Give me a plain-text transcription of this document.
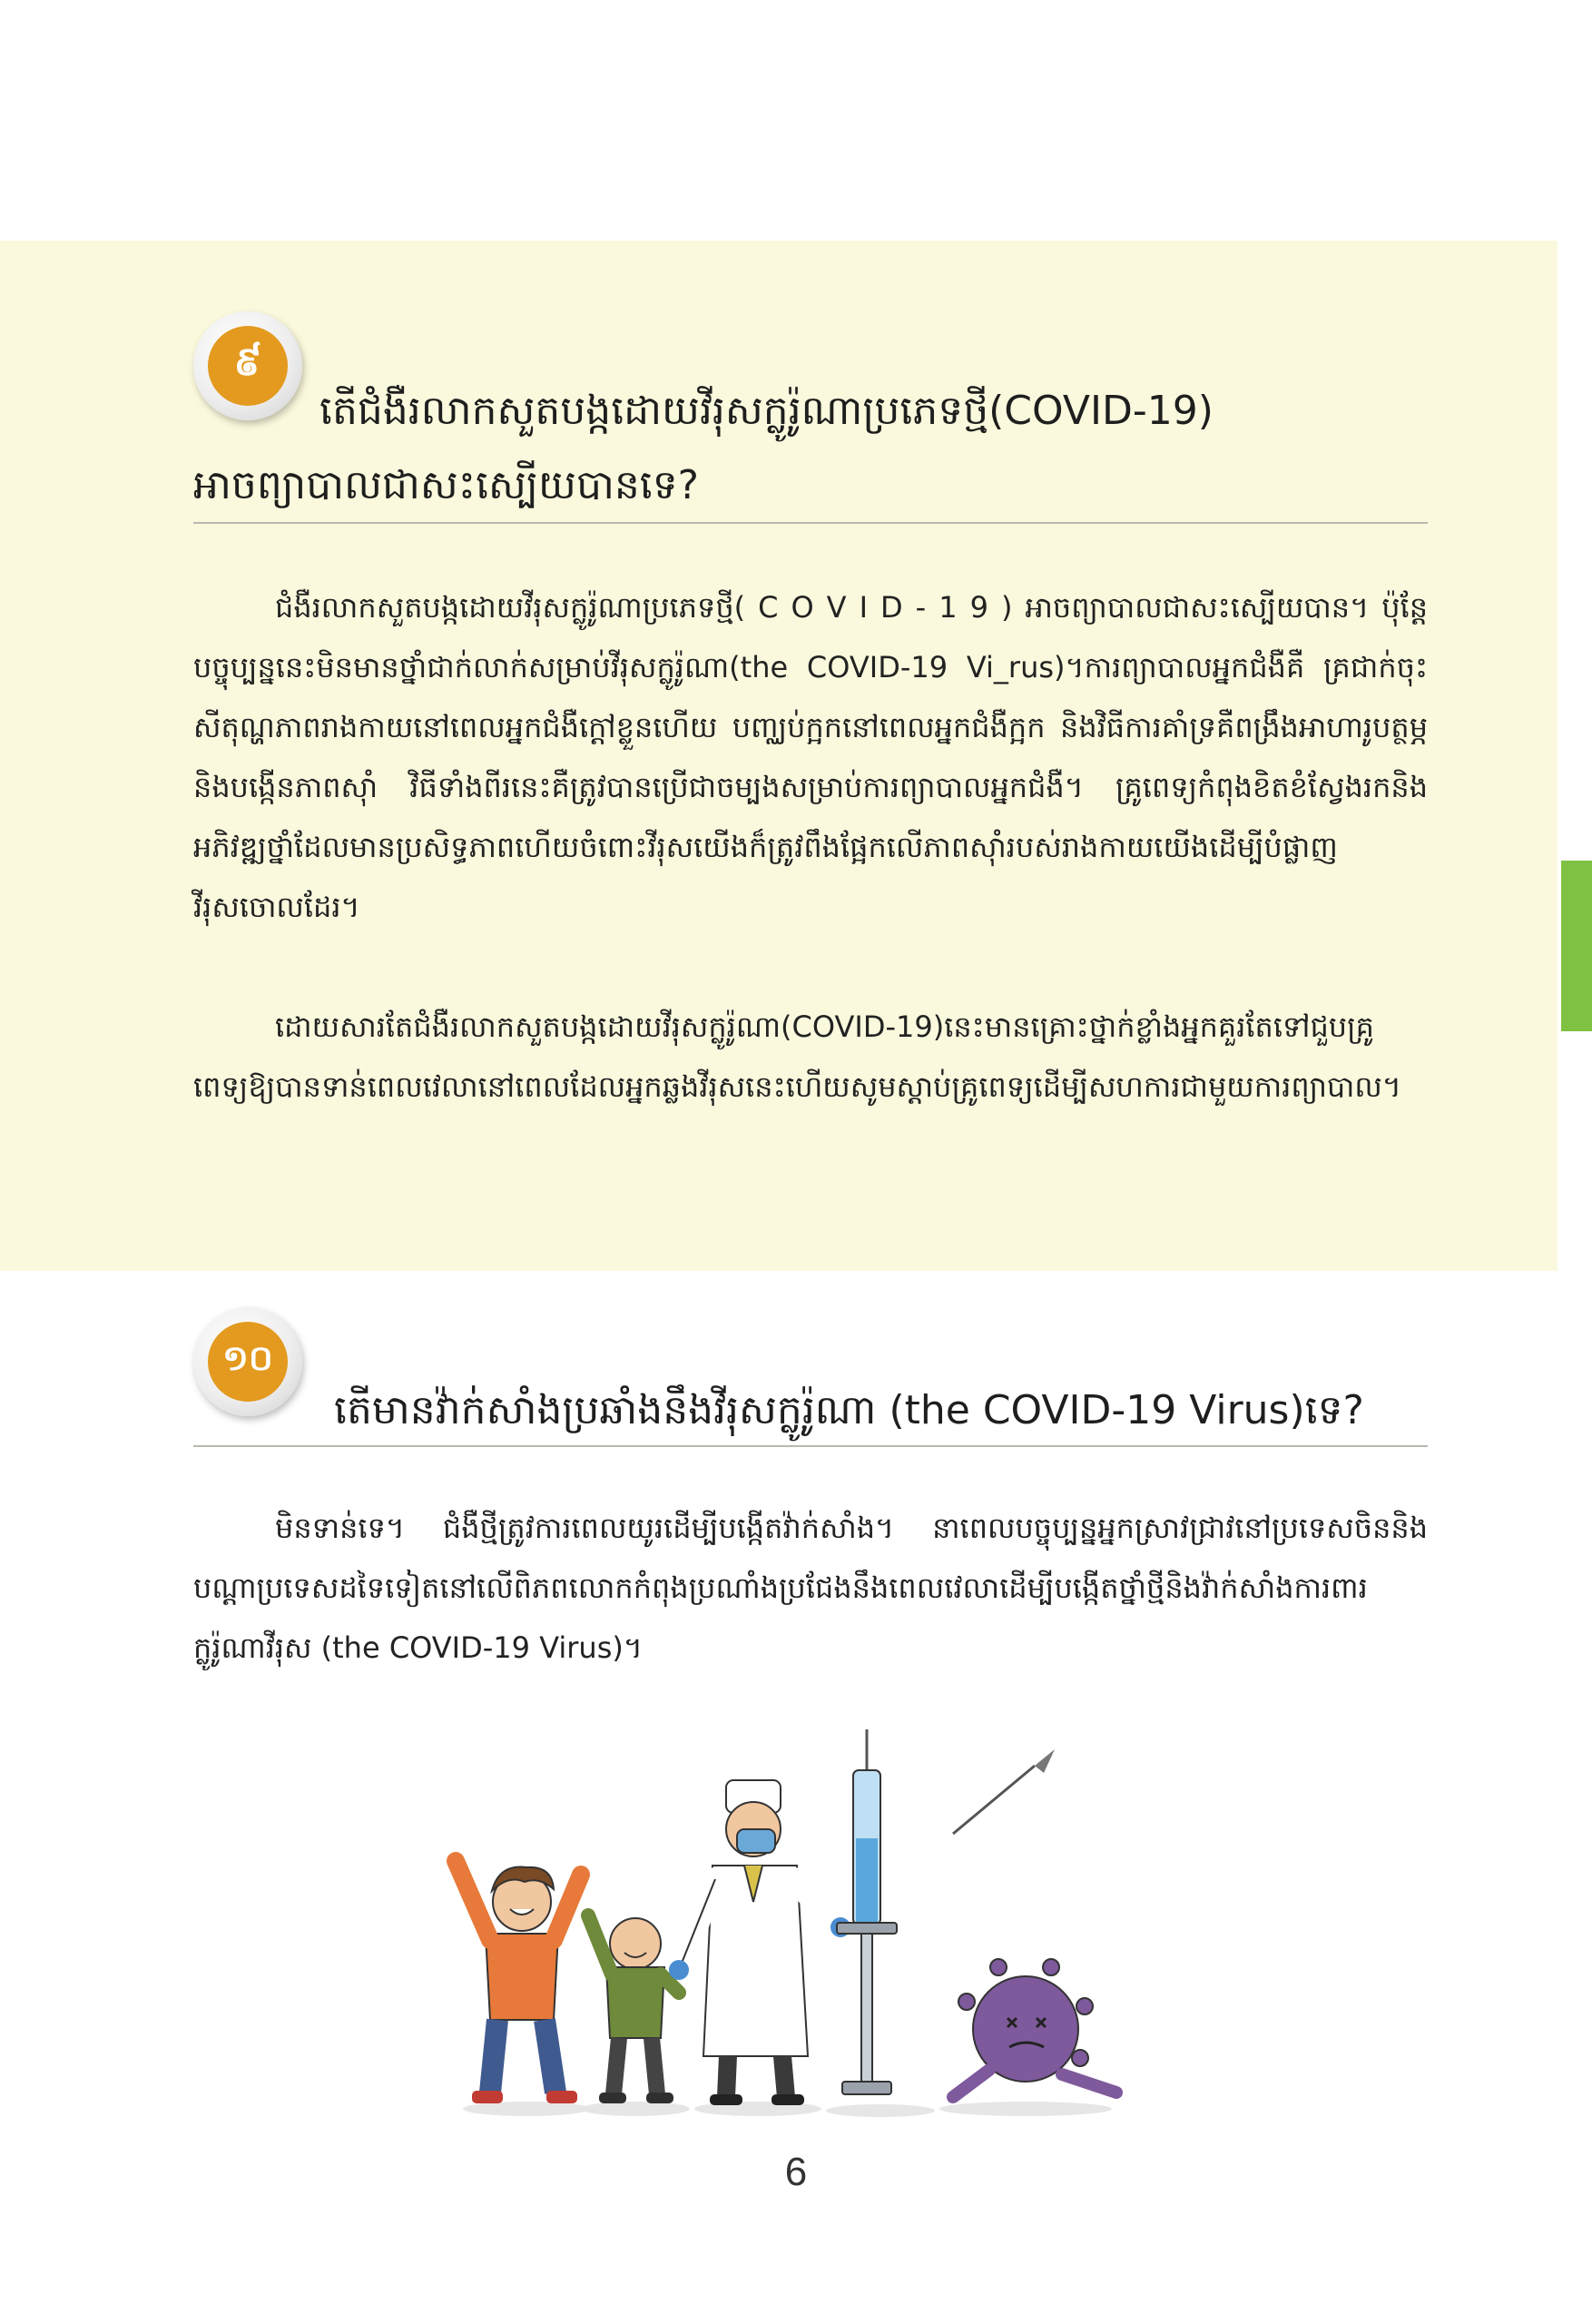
៩
តើជំងឺរលាកសួតបង្កដោយវីរុសក្លូរ៉ូណាប្រភេទថ្មី(COVID-19)
អាចព្យាបាលជាសះស្បើយបានទេ?

ជំងឺរលាកសួតបង្កដោយវីរុសក្លូរ៉ូណាប្រភេទថ្មី( C O V I D - 1 9 ) អាចព្យាបាលជាសះស្បើយបាន។ ប៉ុន្តែបច្ចុប្បន្ននេះមិនមានថ្នាំជាក់លាក់សម្រាប់វីរុសក្លូរ៉ូណា(the COVID-19 Vi_rus)។ការព្យាបាលអ្នកជំងឺគឺ គ្រជាក់ចុះសីតុណ្ហភាពរាងកាយនៅពេលអ្នកជំងឺក្ដៅខ្លួនហើយ បញ្ឈប់ក្អកនៅពេលអ្នកជំងឺក្អក និងវិធីការគាំទ្រគឺពង្រឹងអាហារូបត្ថម្ភនិងបង្កើនភាពស៊ាំ វិធីទាំងពីរនេះគឺត្រូវបានប្រើជាចម្បងសម្រាប់ការព្យាបាលអ្នកជំងឺ។ គ្រូពេទ្យកំពុងខិតខំស្វែងរកនិងអភិវឌ្ឍថ្នាំដែលមានប្រសិទ្ធភាពហើយចំពោះវីរុសយើងក៏ត្រូវពឹងផ្អែកលើភាពស៊ាំរបស់រាងកាយយើងដើម្បីបំផ្លាញវីរុសចោលដែរ។

ដោយសារតែជំងឺរលាកសួតបង្កដោយវីរុសក្លូរ៉ូណា(COVID-19)នេះមានគ្រោះថ្នាក់ខ្លាំងអ្នកគួរតែទៅជួបគ្រូពេទ្យឱ្យបានទាន់ពេលវេលានៅពេលដែលអ្នកឆ្លងវីរុសនេះហើយសូមស្ដាប់គ្រូពេទ្យដើម្បីសហការជាមួយការព្យាបាល។

១០
តើមានវ៉ាក់សាំងប្រឆាំងនឹងវីរុសក្លូរ៉ូណា (the COVID-19 Virus)ទេ?

មិនទាន់ទេ។ ជំងឺថ្មីត្រូវការពេលយូរដើម្បីបង្កើតវ៉ាក់សាំង។ នាពេលបច្ចុប្បន្នអ្នកស្រាវជ្រាវនៅប្រទេសចិននិងបណ្ដាប្រទេសដទៃទៀតនៅលើពិភពលោកកំពុងប្រណាំងប្រជែងនឹងពេលវេលាដើម្បីបង្កើតថ្នាំថ្មីនិងវ៉ាក់សាំងការពារក្លូរ៉ូណាវីរុស (the COVID-19 Virus)។

6
